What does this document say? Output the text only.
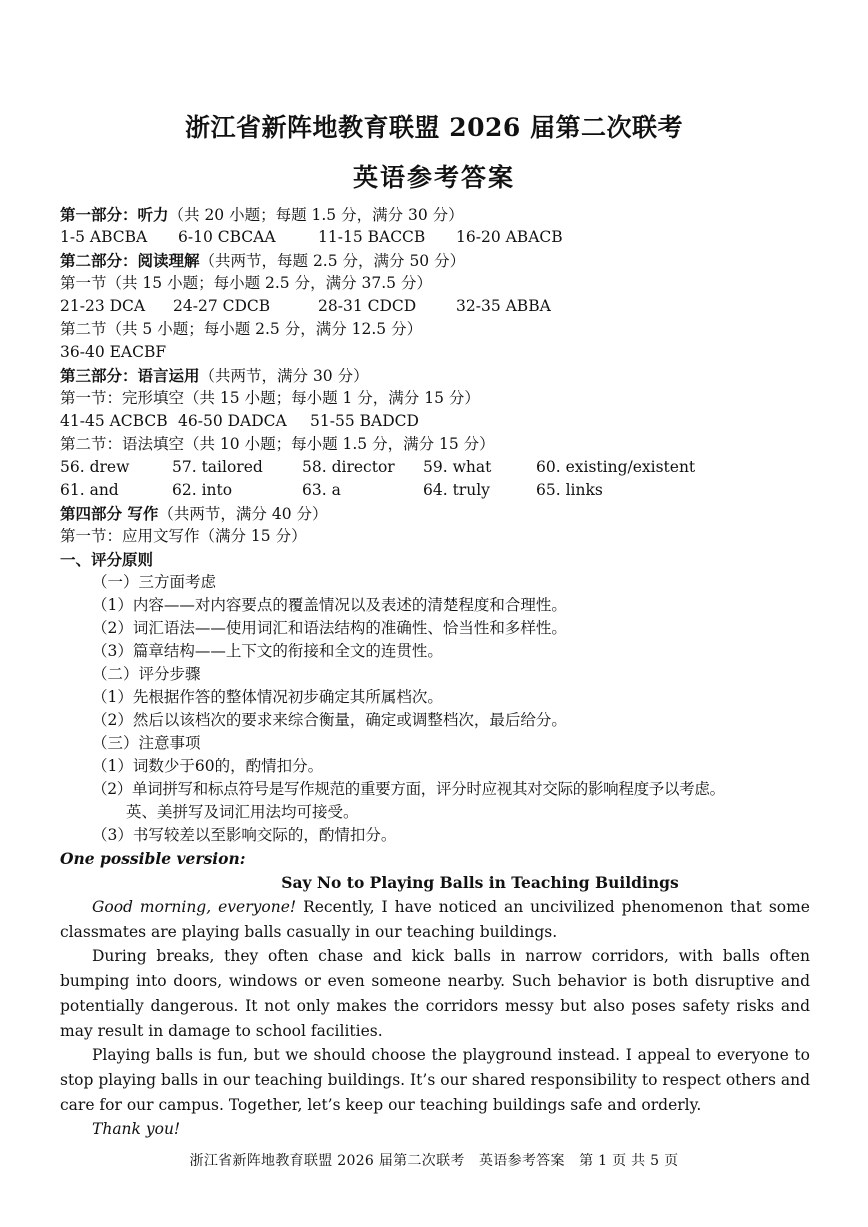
浙江省新阵地教育联盟 2026 届第二次联考
英语参考答案
第一部分：听力（共 20 小题；每题 1.5 分，满分 30 分）
1-5 ABCBA	6-10 CBCAA	11-15 BACCB	16-20 ABACB
第二部分：阅读理解（共两节，每题 2.5 分，满分 50 分）
第一节（共 15 小题；每小题 2.5 分，满分 37.5 分）
21-23 DCA	24-27 CDCB	28-31 CDCD	32-35 ABBA
第二节（共 5 小题；每小题 2.5 分，满分 12.5 分）
36-40 EACBF
第三部分：语言运用（共两节，满分 30 分）
第一节：完形填空（共 15 小题；每小题 1 分，满分 15 分）
41-45 ACBCB 46-50 DADCA	51-55 BADCD
第二节：语法填空（共 10 小题；每小题 1.5 分，满分 15 分）
56. drew	57. tailored	58. director	59. what	60. existing/existent
61. and	62. into	63. a	64. truly	65. links
第四部分 写作（共两节，满分 40 分）
第一节：应用文写作（满分 15 分）
一、评分原则
（一）三方面考虑
（1）内容——对内容要点的覆盖情况以及表述的清楚程度和合理性。
（2）词汇语法——使用词汇和语法结构的准确性、恰当性和多样性。
（3）篇章结构——上下文的衔接和全文的连贯性。
（二）评分步骤
（1）先根据作答的整体情况初步确定其所属档次。
（2）然后以该档次的要求来综合衡量，确定或调整档次，最后给分。
（三）注意事项
（1）词数少于60的，酌情扣分。
（2）单词拼写和标点符号是写作规范的重要方面，评分时应视其对交际的影响程度予以考虑。
英、美拼写及词汇用法均可接受。
（3）书写较差以至影响交际的，酌情扣分。
One possible version:
Say No to Playing Balls in Teaching Buildings

Good morning, everyone! Recently, I have noticed an uncivilized phenomenon that some classmates are playing balls casually in our teaching buildings.

During breaks, they often chase and kick balls in narrow corridors, with balls often bumping into doors, windows or even someone nearby. Such behavior is both disruptive and potentially dangerous. It not only makes the corridors messy but also poses safety risks and may result in damage to school facilities.

Playing balls is fun, but we should choose the playground instead. I appeal to everyone to stop playing balls in our teaching buildings. It’s our shared responsibility to respect others and care for our campus. Together, let’s keep our teaching buildings safe and orderly.

Thank you!

浙江省新阵地教育联盟 2026 届第二次联考　英语参考答案　第 1 页 共 5 页
